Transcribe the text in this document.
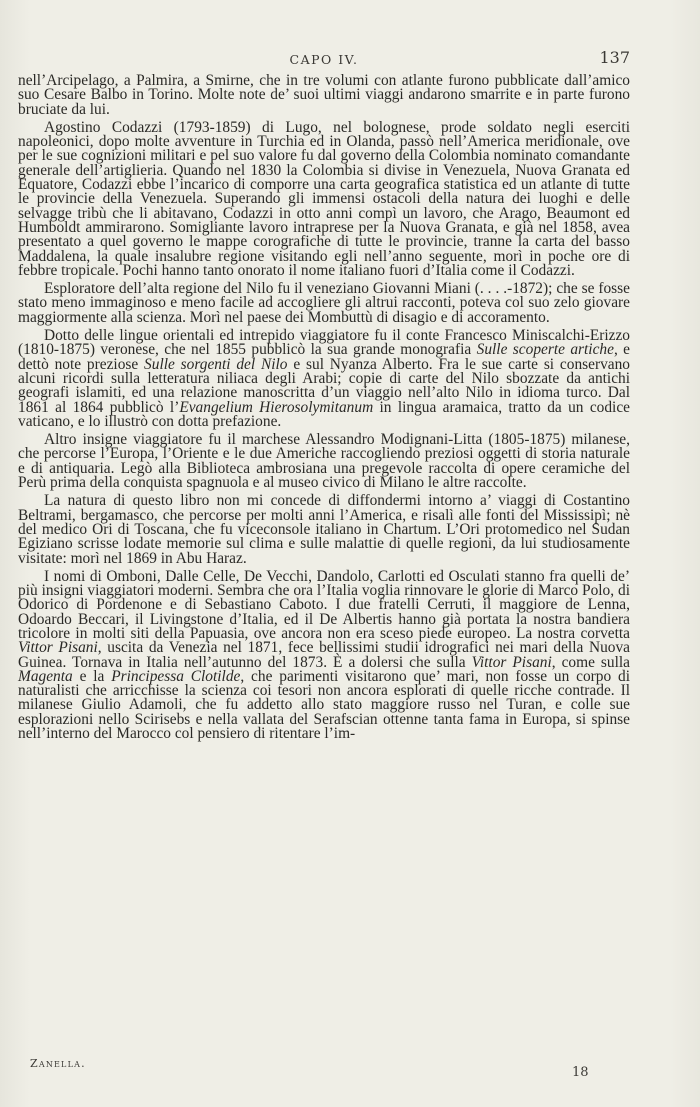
CAPO IV.	137

nell’Arcipelago, a Palmira, a Smirne, che in tre volumi con atlante furono pubblicate dall’amico suo Cesare Balbo in Torino. Molte note de’ suoi ultimi viaggi andarono smarrite e in parte furono bruciate da lui.

Agostino Codazzi (1793-1859) di Lugo, nel bolognese, prode soldato negli eserciti napoleonici, dopo molte avventure in Turchia ed in Olanda, passò nell’America meridionale, ove per le sue cognizioni militari e pel suo valore fu dal governo della Colombia nominato comandante generale dell’artiglieria. Quando nel 1830 la Colombia si divise in Venezuela, Nuova Granata ed Equatore, Codazzi ebbe l’incarico di comporre una carta geografica statistica ed un atlante di tutte le provincie della Venezuela. Superando gli immensi ostacoli della natura dei luoghi e delle selvagge tribù che li abitavano, Codazzi in otto anni compì un lavoro, che Arago, Beaumont ed Humboldt ammirarono. Somigliante lavoro intraprese per la Nuova Granata, e già nel 1858, avea presentato a quel governo le mappe corografiche di tutte le provincie, tranne la carta del basso Maddalena, la quale insalubre regione visitando egli nell’anno seguente, morì in poche ore di febbre tropicale. Pochi hanno tanto onorato il nome italiano fuori d’Italia come il Codazzi.

Esploratore dell’alta regione del Nilo fu il veneziano Giovanni Miani (. . . .-1872); che se fosse stato meno immaginoso e meno facile ad accogliere gli altrui racconti, poteva col suo zelo giovare maggiormente alla scienza. Morì nel paese dei Mombuttù di disagio e di accoramento.

Dotto delle lingue orientali ed intrepido viaggiatore fu il conte Francesco Miniscalchi-Erizzo (1810-1875) veronese, che nel 1855 pubblicò la sua grande monografia Sulle scoperte artiche, e dettò note preziose Sulle sorgenti del Nilo e sul Nyanza Alberto. Fra le sue carte si conservano alcuni ricordi sulla letteratura niliaca degli Arabi; copie di carte del Nilo sbozzate da antichi geografi islamiti, ed una relazione manoscritta d’un viaggio nell’alto Nilo in idioma turco. Dal 1861 al 1864 pubblicò l’Evangelium Hierosolymitanum in lingua aramaica, tratto da un codice vaticano, e lo illustrò con dotta prefazione.

Altro insigne viaggiatore fu il marchese Alessandro Modignani-Litta (1805-1875) milanese, che percorse l’Europa, l’Oriente e le due Americhe raccogliendo preziosi oggetti di storia naturale e di antiquaria. Legò alla Biblioteca ambrosiana una pregevole raccolta di opere ceramiche del Perù prima della conquista spagnuola e al museo civico di Milano le altre raccolte.

La natura di questo libro non mi concede di diffondermi intorno a’ viaggi di Costantino Beltrami, bergamasco, che percorse per molti anni l’America, e risalì alle fonti del Mississipì; nè del medico Ori di Toscana, che fu viceconsole italiano in Chartum. L’Ori protomedico nel Sudan Egiziano scrisse lodate memorie sul clima e sulle malattie di quelle regioni, da lui studiosamente visitate: morì nel 1869 in Abu Haraz.

I nomi di Omboni, Dalle Celle, De Vecchi, Dandolo, Carlotti ed Osculati stanno fra quelli de’ più insigni viaggiatori moderni. Sembra che ora l’Italia voglia rinnovare le glorie di Marco Polo, di Odorico di Pordenone e di Sebastiano Caboto. I due fratelli Cerruti, il maggiore de Lenna, Odoardo Beccari, il Livingstone d’Italia, ed il De Albertis hanno già portata la nostra bandiera tricolore in molti siti della Papuasia, ove ancora non era sceso piede europeo. La nostra corvetta Vittor Pisani, uscita da Venezia nel 1871, fece bellissimi studii idrografici nei mari della Nuova Guinea. Tornava in Italia nell’autunno del 1873. È a dolersi che sulla Vittor Pisani, come sulla Magenta e la Principessa Clotilde, che parimenti visitarono que’ mari, non fosse un corpo di naturalisti che arricchisse la scienza coi tesori non ancora esplorati di quelle ricche contrade. Il milanese Giulio Adamoli, che fu addetto allo stato maggiore russo nel Turan, e colle sue esplorazioni nello Scirisebs e nella vallata del Serafscian ottenne tanta fama in Europa, si spinse nell’interno del Marocco col pensiero di ritentare l’im-

Zanella.
18
